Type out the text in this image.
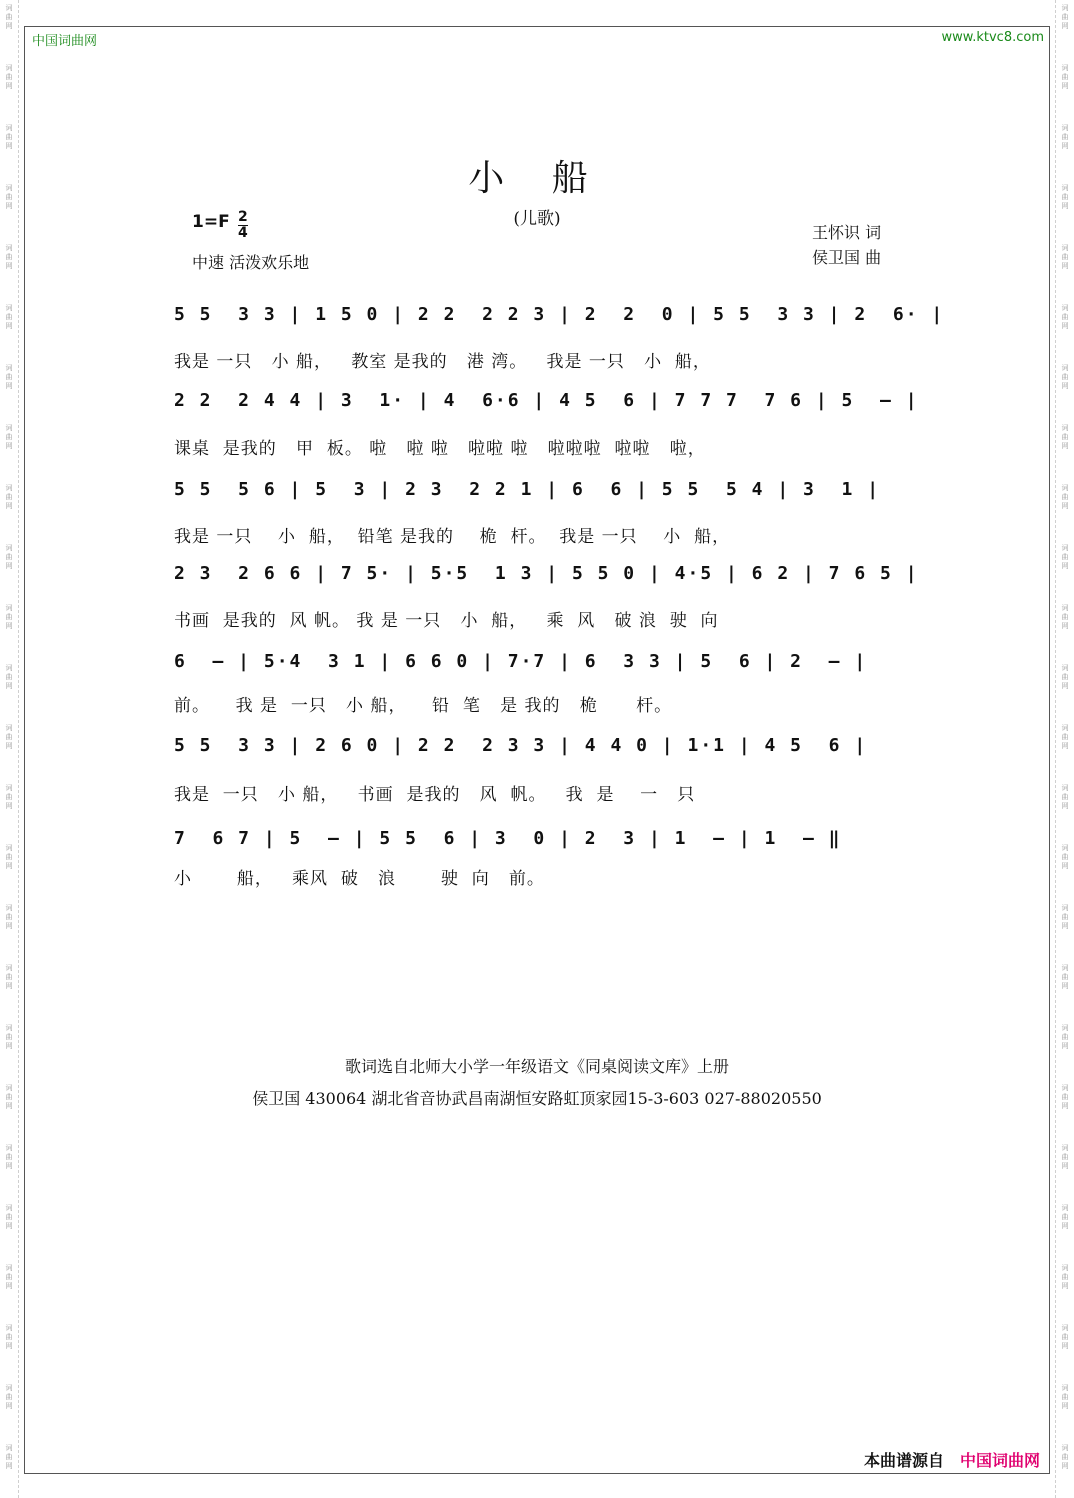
词
曲
网
词
曲
网
词
曲
网
词
曲
网
词
曲
网
词
曲
网
词
曲
网
词
曲
网
词
曲
网
词
曲
网
词
曲
网
词
曲
网
词
曲
网
词
曲
网
词
曲
网
词
曲
网
词
曲
网
词
曲
网
词
曲
网
词
曲
网
词
曲
网
词
曲
网
词
曲
网
词
曲
网
词
曲
网
词
曲
网
词
曲
网
词
曲
网
词
曲
网
词
曲
网
词
曲
网
词
曲
网
词
曲
网
词
曲
网
词
曲
网
词
曲
网
词
曲
网
词
曲
网
词
曲
网
词
曲
网
词
曲
网
词
曲
网
词
曲
网
词
曲
网
词
曲
网
词
曲
网
词
曲
网
词
曲
网
词
曲
网
词
曲
网
中国词曲网	www.ktvc8.com
小 船
(儿歌)
1=F 2
4
中速 活泼欢乐地
王怀识 词
侯卫国 曲
5 5  3 3 | 1 5 0 | 2 2  2 2 3 | 2  2  0 | 5 5  3 3 | 2  6· |
我是 一只   小 船，   教室 是我的   港 湾。   我是 一只   小  船，
2 2  2 4 4 | 3  1· | 4  6·6 | 4 5  6 | 7 7 7  7 6 | 5  – |
课桌  是我的   甲  板。 啦   啦 啦   啦啦 啦   啦啦啦  啦啦   啦，
5 5  5 6 | 5  3 | 2 3  2 2 1 | 6  6 | 5 5  5 4 | 3  1 |
我是 一只    小  船，  铅笔 是我的    桅  杆。  我是 一只    小  船，
2 3  2 6 6 | 7 5· | 5·5  1 3 | 5 5 0 | 4·5 | 6 2 | 7 6 5 |
书画  是我的  风 帆。 我 是 一只   小  船，   乘  风   破 浪  驶  向
6  – | 5·4  3 1 | 6 6 0 | 7·7 | 6  3 3 | 5  6 | 2  – |
前。    我 是  一只   小 船，    铅  笔   是 我的   桅      杆。
5 5  3 3 | 2 6 0 | 2 2  2 3 3 | 4 4 0 | 1·1 | 4 5  6 |
我是  一只   小 船，   书画  是我的   风  帆。   我  是    一   只
7  6 7 | 5  – | 5 5  6 | 3  0 | 2  3 | 1  – | 1  – ‖
小       船，   乘风  破   浪       驶  向   前。
歌词选自北师大小学一年级语文《同桌阅读文库》上册
侯卫国 430064 湖北省音协武昌南湖恒安路虹顶家园15-3-603 027-88020550
本曲谱源自 中国词曲网
